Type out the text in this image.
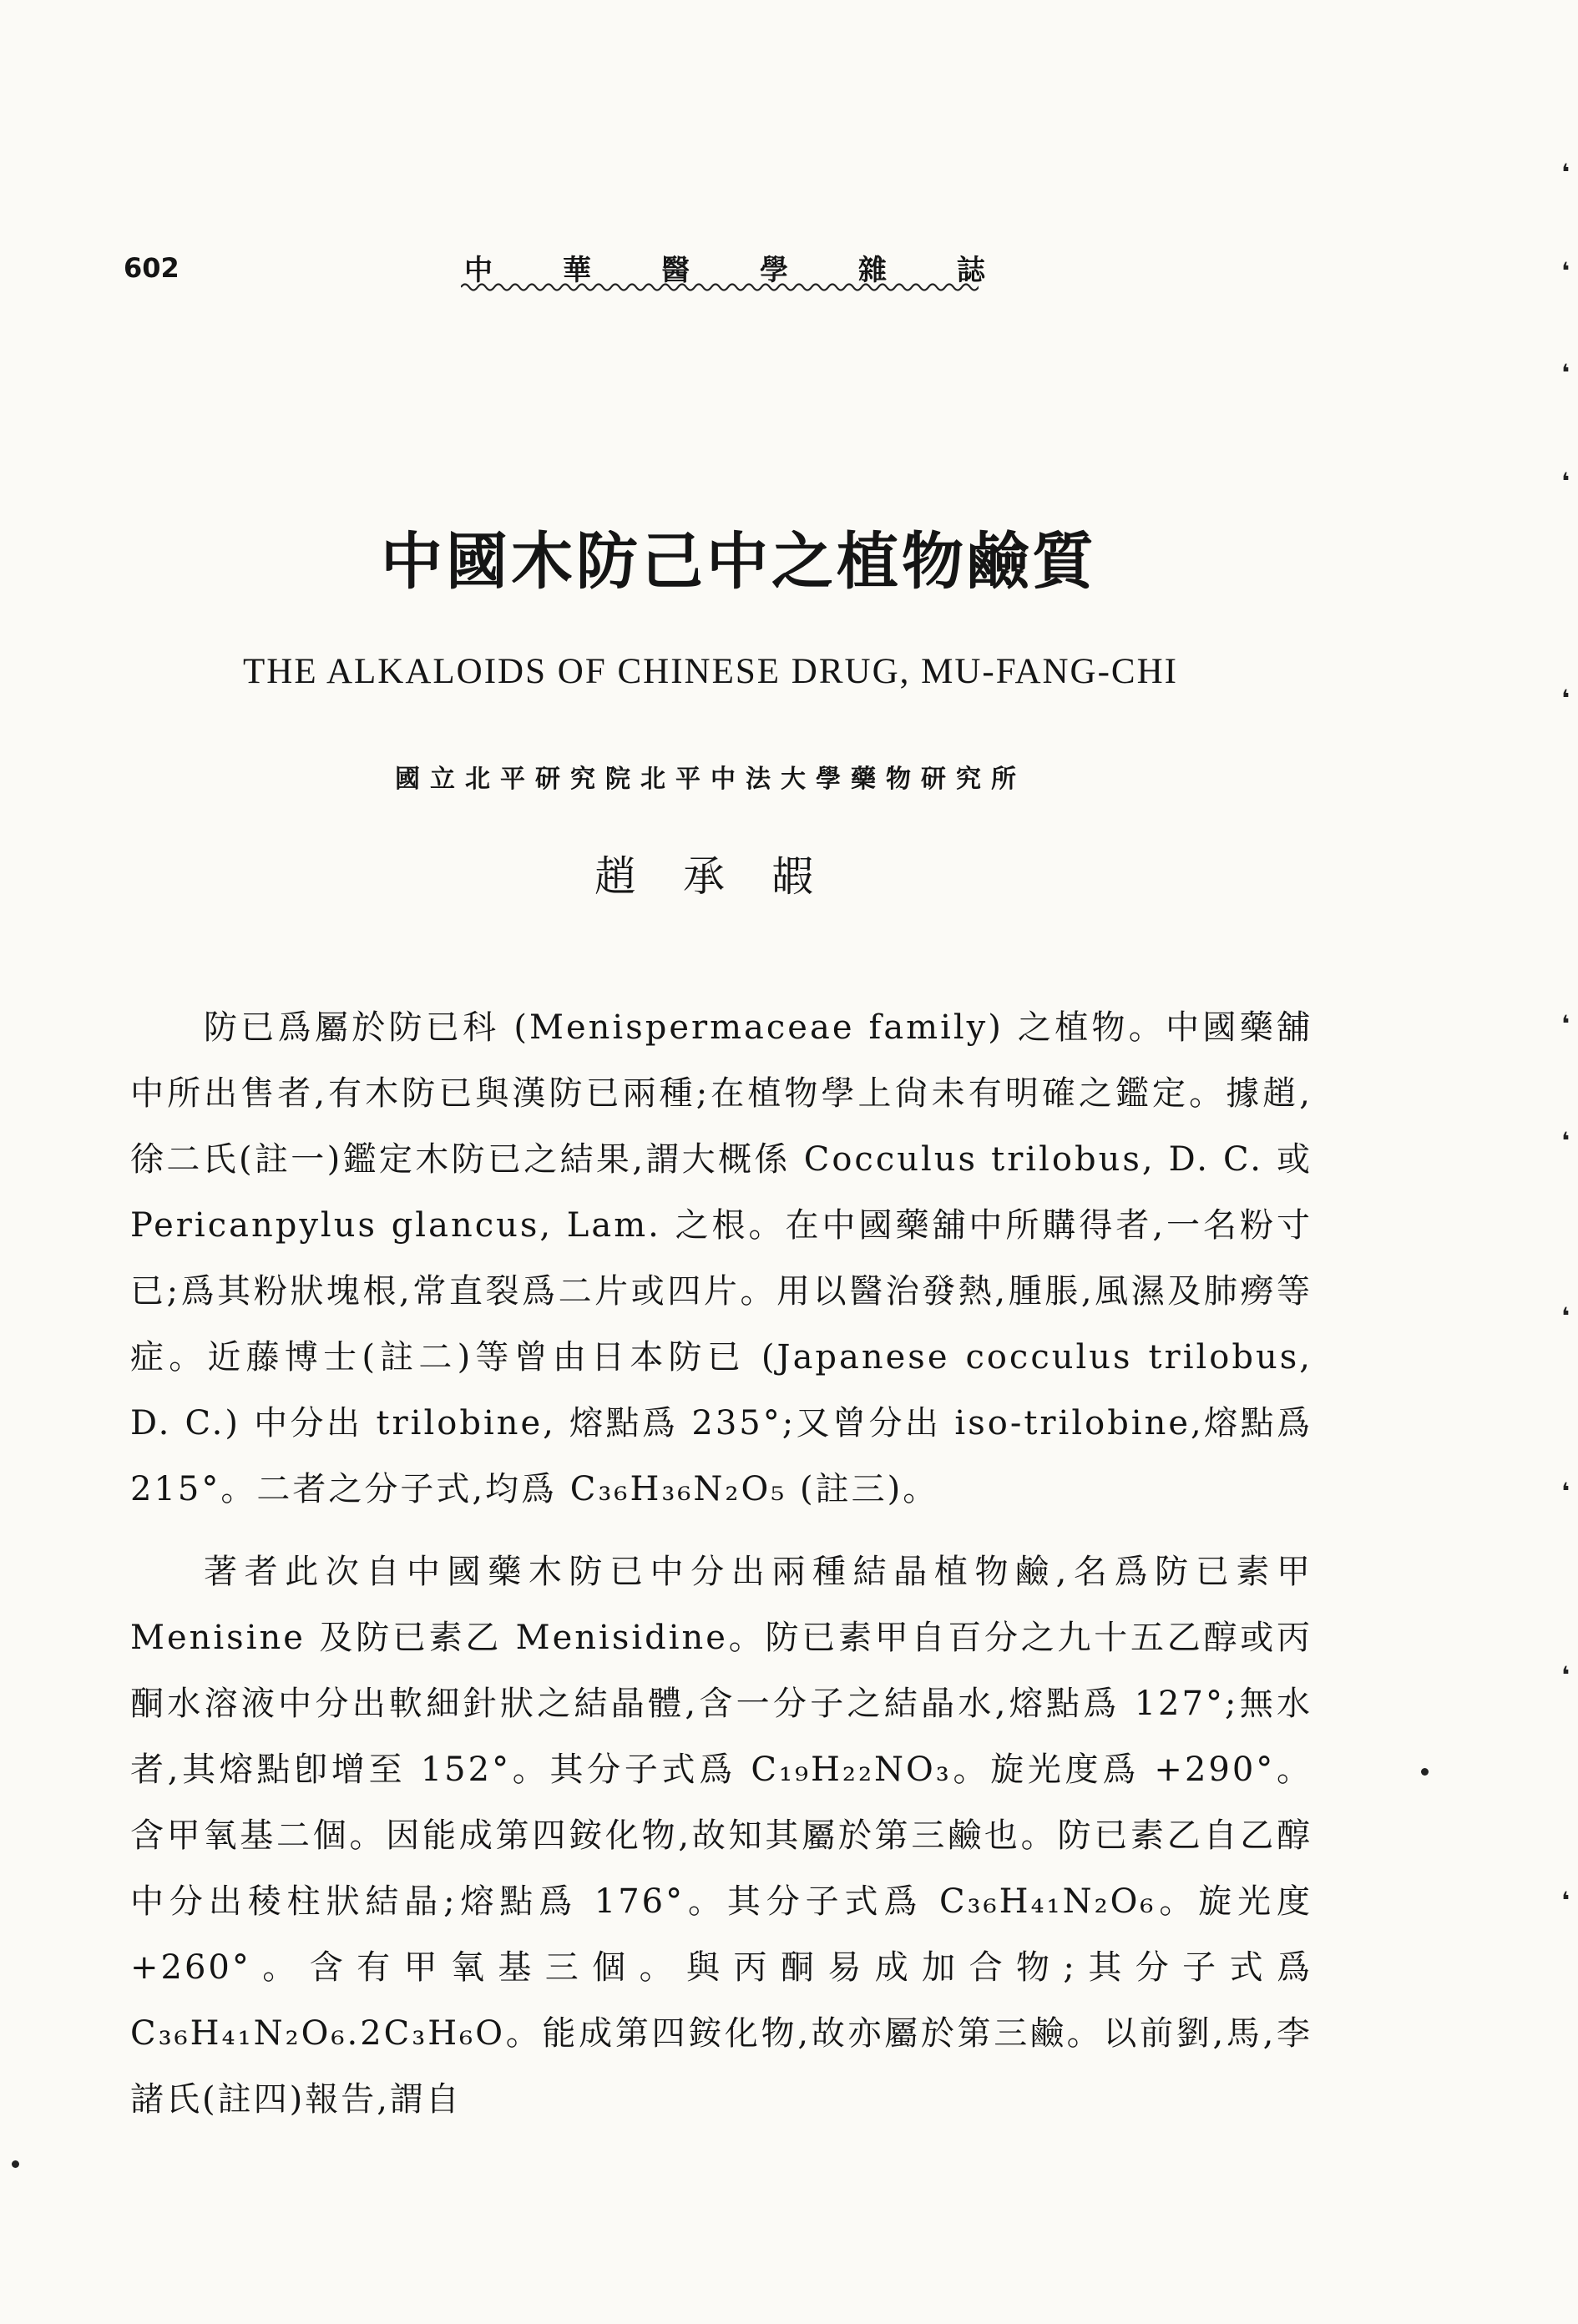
602	中華醫學雜誌
中國木防己中之植物鹼質
THE ALKALOIDS OF CHINESE DRUG, MU-FANG-CHI
國立北平研究院北平中法大學藥物研究所
趙承嘏

防已爲屬於防已科 (Menispermaceae family) 之植物。中國藥舖中所出售者,有木防已與漢防已兩種;在植物學上尙未有明確之鑑定。據趙,徐二氏(註一)鑑定木防已之結果,謂大概係 Cocculus trilobus, D. C. 或 Pericanpylus glancus, Lam. 之根。在中國藥舖中所購得者,一名粉寸已;爲其粉狀塊根,常直裂爲二片或四片。用以醫治發熱,腫脹,風濕及肺癆等症。近藤博士(註二)等曾由日本防已 (Japanese cocculus trilobus, D. C.) 中分出 trilobine, 熔點爲 235°;又曾分出 iso-trilobine,熔點爲 215°。二者之分子式,均爲 C₃₆H₃₆N₂O₅ (註三)。

著者此次自中國藥木防已中分出兩種結晶植物鹼,名爲防已素甲 Menisine 及防已素乙 Menisidine。防已素甲自百分之九十五乙醇或丙酮水溶液中分出軟細針狀之結晶體,含一分子之結晶水,熔點爲 127°;無水者,其熔點卽增至 152°。其分子式爲 C₁₉H₂₂NO₃。旋光度爲 +290°。含甲氧基二個。因能成第四銨化物,故知其屬於第三鹼也。防已素乙自乙醇中分出稜柱狀結晶;熔點爲 176°。其分子式爲 C₃₆H₄₁N₂O₆。旋光度 +260°。含有甲氧基三個。與丙酮易成加合物;其分子式爲 C₃₆H₄₁N₂O₆.2C₃H₆O。能成第四銨化物,故亦屬於第三鹼。以前劉,馬,李諸氏(註四)報告,謂自

❛
❛
❛
❛
❛
❛
❛
❛
❛
❛
❛
